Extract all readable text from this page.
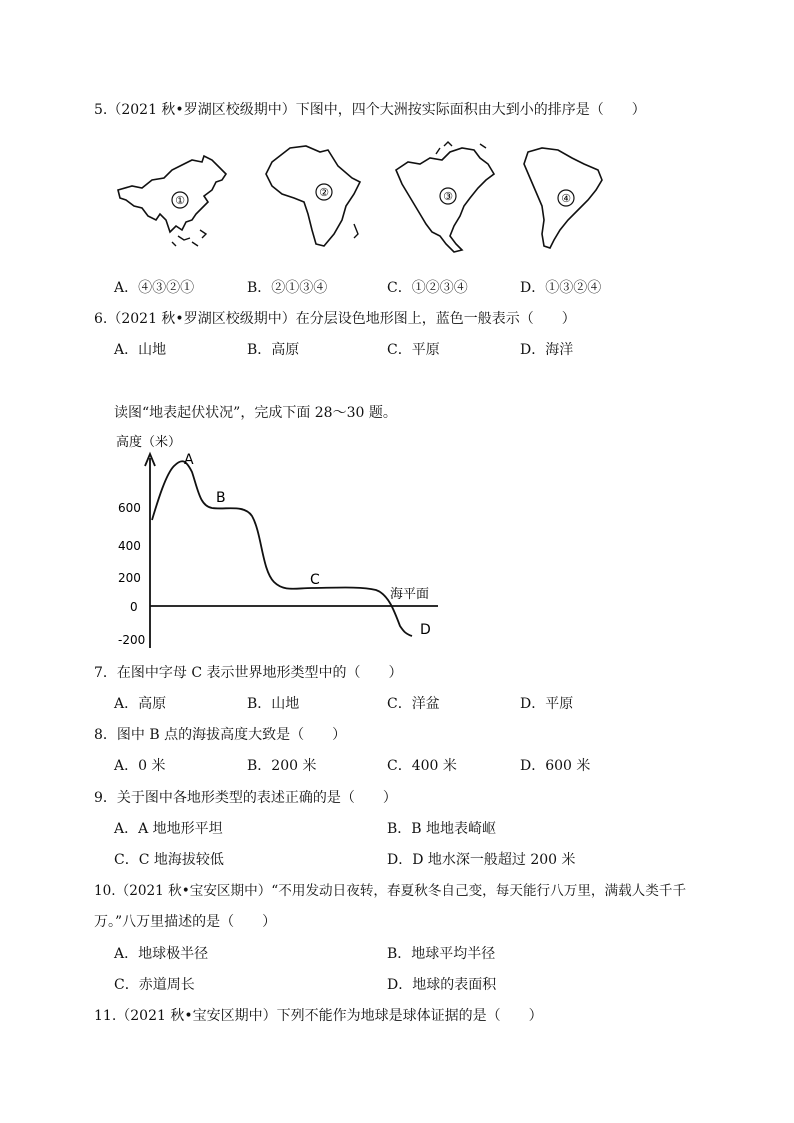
5.（2021 秋•罗湖区校级期中）下图中，四个大洲按实际面积由大到小的排序是（　　）
①
②	③	④
A．④③②①	B．②①③④	C．①②③④	D．①③②④
6.（2021 秋•罗湖区校级期中）在分层设色地形图上，蓝色一般表示（　　）
A．山地	B．高原	C．平原	D．海洋
读图“地表起伏状况”，完成下面 28～30 题。
高度（米）
600
400
200
0
-200
A
B
C
D
海平面
7．在图中字母 C 表示世界地形类型中的（　　）
A．高原	B．山地	C．洋盆	D．平原
8．图中 B 点的海拔高度大致是（　　）
A．0 米	B．200 米	C．400 米	D．600 米
9．关于图中各地形类型的表述正确的是（　　）
A．A 地地形平坦	B．B 地地表崎岖
C．C 地海拔较低	D．D 地水深一般超过 200 米
10.（2021 秋•宝安区期中）“不用发动日夜转，春夏秋冬自己变，每天能行八万里，满载人类千千
万。”八万里描述的是（　　）
A．地球极半径	B．地球平均半径
C．赤道周长	D．地球的表面积
11.（2021 秋•宝安区期中）下列不能作为地球是球体证据的是（　　）
